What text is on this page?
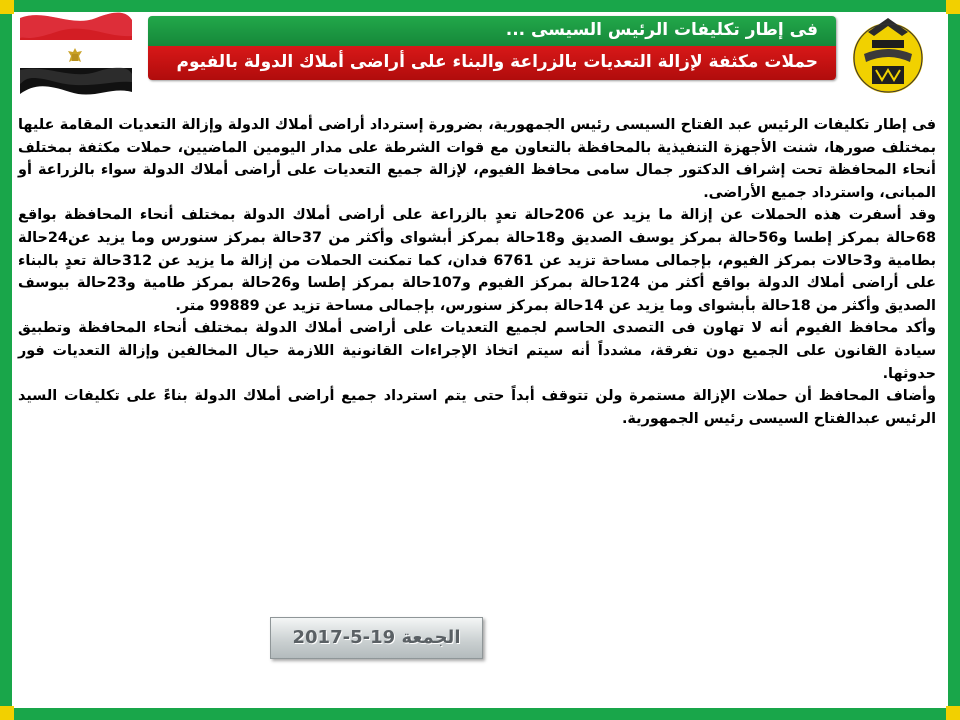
فى إطار تكليفات الرئيس السيسى ...
حملات مكثفة لإزالة التعديات بالزراعة والبناء على أراضى أملاك الدولة بالفيوم

فى إطار تكليفات الرئيس عبد الفتاح السيسى رئيس الجمهورية، بضرورة إسترداد أراضى أملاك الدولة وإزالة التعديات المقامة عليها بمختلف صورها، شنت الأجهزة التنفيذية بالمحافظة بالتعاون مع قوات الشرطة على مدار اليومين الماضيين، حملات مكثفة بمختلف أنحاء المحافظة تحت إشراف الدكتور جمال سامى محافظ الفيوم، لإزالة جميع التعديات على أراضى أملاك الدولة سواء بالزراعة أو المبانى، واسترداد جميع الأراضى.

وقد أسفرت هذه الحملات عن إزالة ما يزيد عن 206حالة تعدٍ بالزراعة على أراضى أملاك الدولة بمختلف أنحاء المحافظة بواقع 68حالة بمركز إطسا و56حالة بمركز يوسف الصديق و18حالة بمركز أبشواى وأكثر من 37حالة بمركز سنورس وما يزيد عن24حالة بطامية و3حالات بمركز الفيوم، بإجمالى مساحة تزيد عن 6761 فدان، كما تمكنت الحملات من إزالة ما يزيد عن 312حالة تعدٍ بالبناء على أراضى أملاك الدولة بواقع أكثر من 124حالة بمركز الفيوم و107حالة بمركز إطسا و26حالة بمركز طامية و23حالة بيوسف الصديق وأكثر من 18حالة بأبشواى وما يزيد عن 14حالة بمركز سنورس، بإجمالى مساحة تزيد عن 99889 متر.

وأكد محافظ الفيوم أنه لا تهاون فى التصدى الحاسم لجميع التعديات على أراضى أملاك الدولة بمختلف أنحاء المحافظة وتطبيق سيادة القانون على الجميع دون تفرقة، مشدداً أنه سيتم اتخاذ الإجراءات القانونية اللازمة حيال المخالفين وإزالة التعديات فور حدوثها.

وأضاف المحافظ أن حملات الإزالة مستمرة ولن تتوقف أبداً حتى يتم استرداد جميع أراضى أملاك الدولة بناءً على تكليفات السيد الرئيس عبدالفتاح السيسى رئيس الجمهورية.

الجمعة 19-5-2017
